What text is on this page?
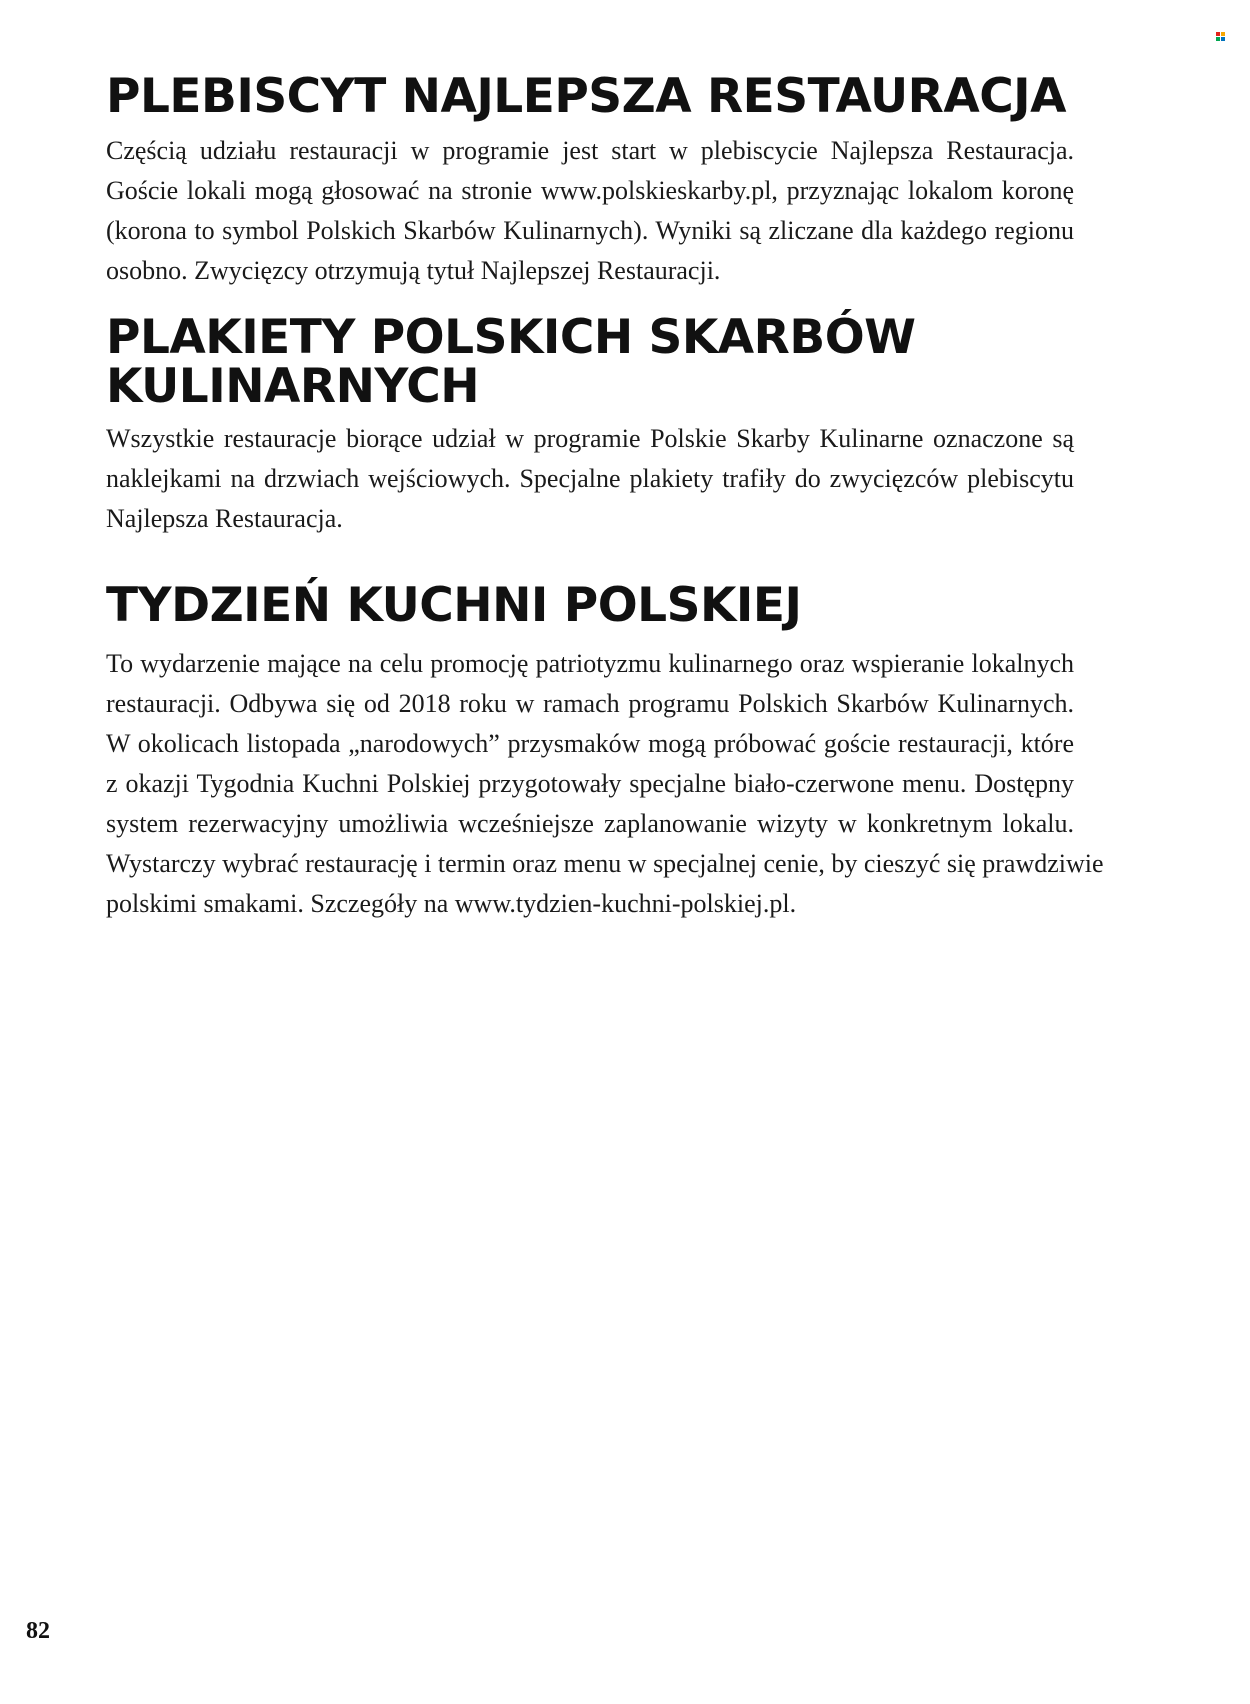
PLEBISCYT NAJLEPSZA RESTAURACJA

Częścią udziału restauracji w programie jest start w plebiscycie Najlepsza Restauracja.
Goście lokali mogą głosować na stronie www.polskieskarby.pl, przyznając lokalom koronę
(korona to symbol Polskich Skarbów Kulinarnych). Wyniki są zliczane dla każdego regionu
osobno. Zwycięzcy otrzymują tytuł Najlepszej Restauracji.

PLAKIETY POLSKICH SKARBÓW
KULINARNYCH

Wszystkie restauracje biorące udział w programie Polskie Skarby Kulinarne oznaczone są
naklejkami na drzwiach wejściowych. Specjalne plakiety trafiły do zwycięzców plebiscytu
Najlepsza Restauracja.

TYDZIEŃ KUCHNI POLSKIEJ

To wydarzenie mające na celu promocję patriotyzmu kulinarnego oraz wspieranie lokalnych
restauracji. Odbywa się od 2018 roku w ramach programu Polskich Skarbów Kulinarnych.
W okolicach listopada „narodowych” przysmaków mogą próbować goście restauracji, które
z okazji Tygodnia Kuchni Polskiej przygotowały specjalne biało-czerwone menu. Dostępny
system rezerwacyjny umożliwia wcześniejsze zaplanowanie wizyty w konkretnym lokalu.
Wystarczy wybrać restaurację i termin oraz menu w specjalnej cenie, by cieszyć się prawdziwie
polskimi smakami. Szczegóły na www.tydzien-kuchni-polskiej.pl.

82
